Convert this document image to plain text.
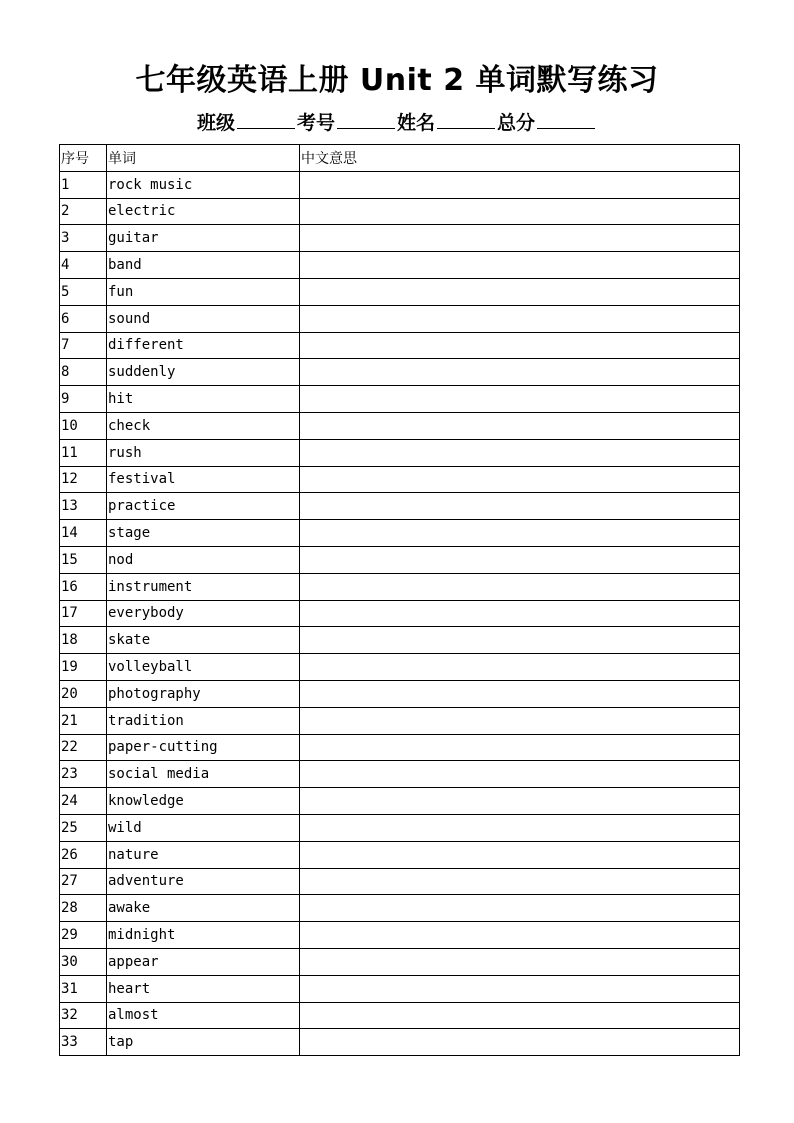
七年级英语上册 Unit 2 单词默写练习
班级	考号	姓名	总分
序号	单词	中文意思
1	rock music	
2	electric	
3	guitar	
4	band	
5	fun	
6	sound	
7	different	
8	suddenly	
9	hit	
10	check	
11	rush	
12	festival	
13	practice	
14	stage	
15	nod	
16	instrument	
17	everybody	
18	skate	
19	volleyball	
20	photography	
21	tradition	
22	paper-cutting	
23	social media	
24	knowledge	
25	wild	
26	nature	
27	adventure	
28	awake	
29	midnight	
30	appear	
31	heart	
32	almost	
33	tap	
